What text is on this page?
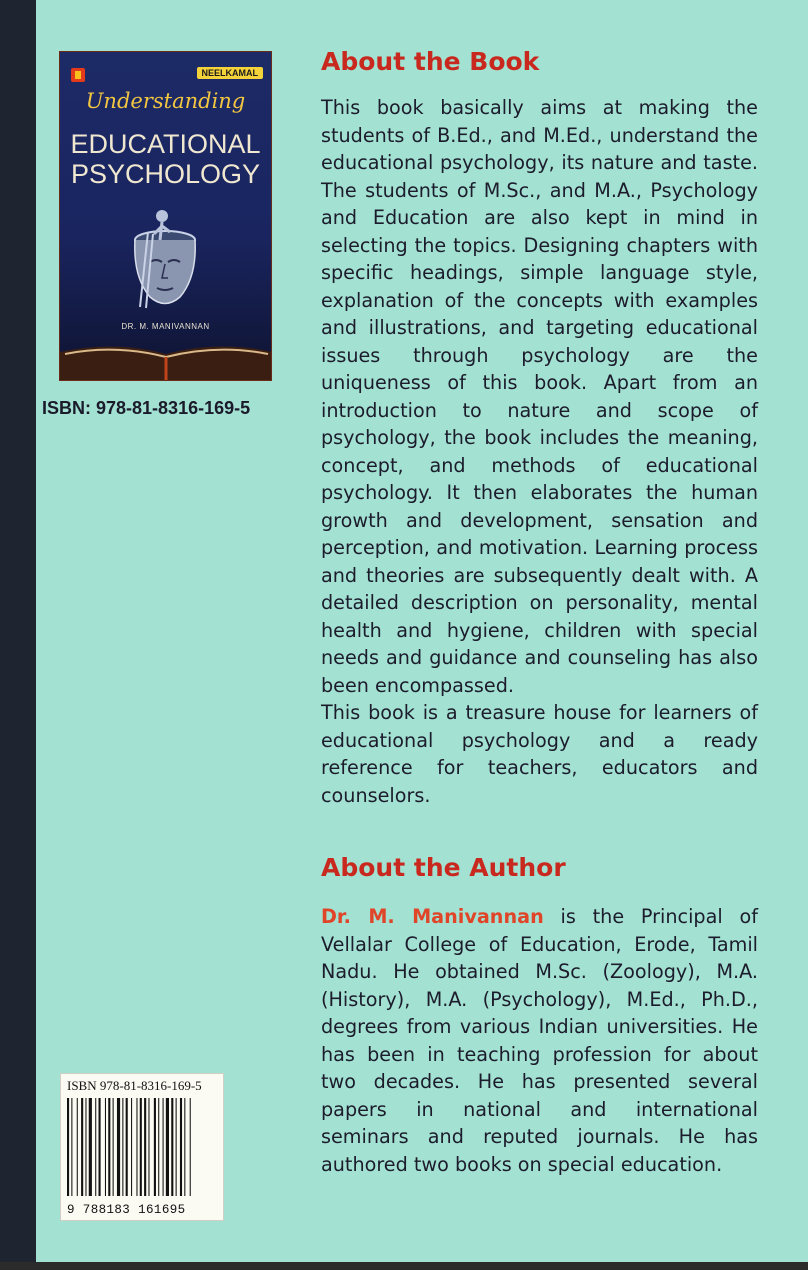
NEELKAMAL
Understanding
EDUCATIONAL
PSYCHOLOGY
DR. M. MANIVANNAN
ISBN: 978-81-8316-169-5
About the Book

This book basically aims at making the students of B.Ed., and M.Ed., understand the educational psychology, its nature and taste. The students of M.Sc., and M.A., Psychology and Education are also kept in mind in selecting the topics. Designing chapters with specific headings, simple language style, explanation of the concepts with examples and illustrations, and targeting educational issues through psychology are the uniqueness of this book. Apart from an introduction to nature and scope of psychology, the book includes the meaning, concept, and methods of educational psychology. It then elaborates the human growth and development, sensation and perception, and motivation. Learning process and theories are subsequently dealt with. A detailed description on personality, mental health and hygiene, children with special needs and guidance and counseling has also been encompassed.

This book is a treasure house for learners of educational psychology and a ready reference for teachers, educators and counselors.

About the Author

Dr. M. Manivannan is the Principal of Vellalar College of Education, Erode, Tamil Nadu. He obtained M.Sc. (Zoology), M.A. (History), M.A. (Psychology), M.Ed., Ph.D., degrees from various Indian universities. He has been in teaching profession for about two decades. He has presented several papers in national and international seminars and reputed journals. He has authored two books on special education.

ISBN 978-81-8316-169-5
9 788183 161695
